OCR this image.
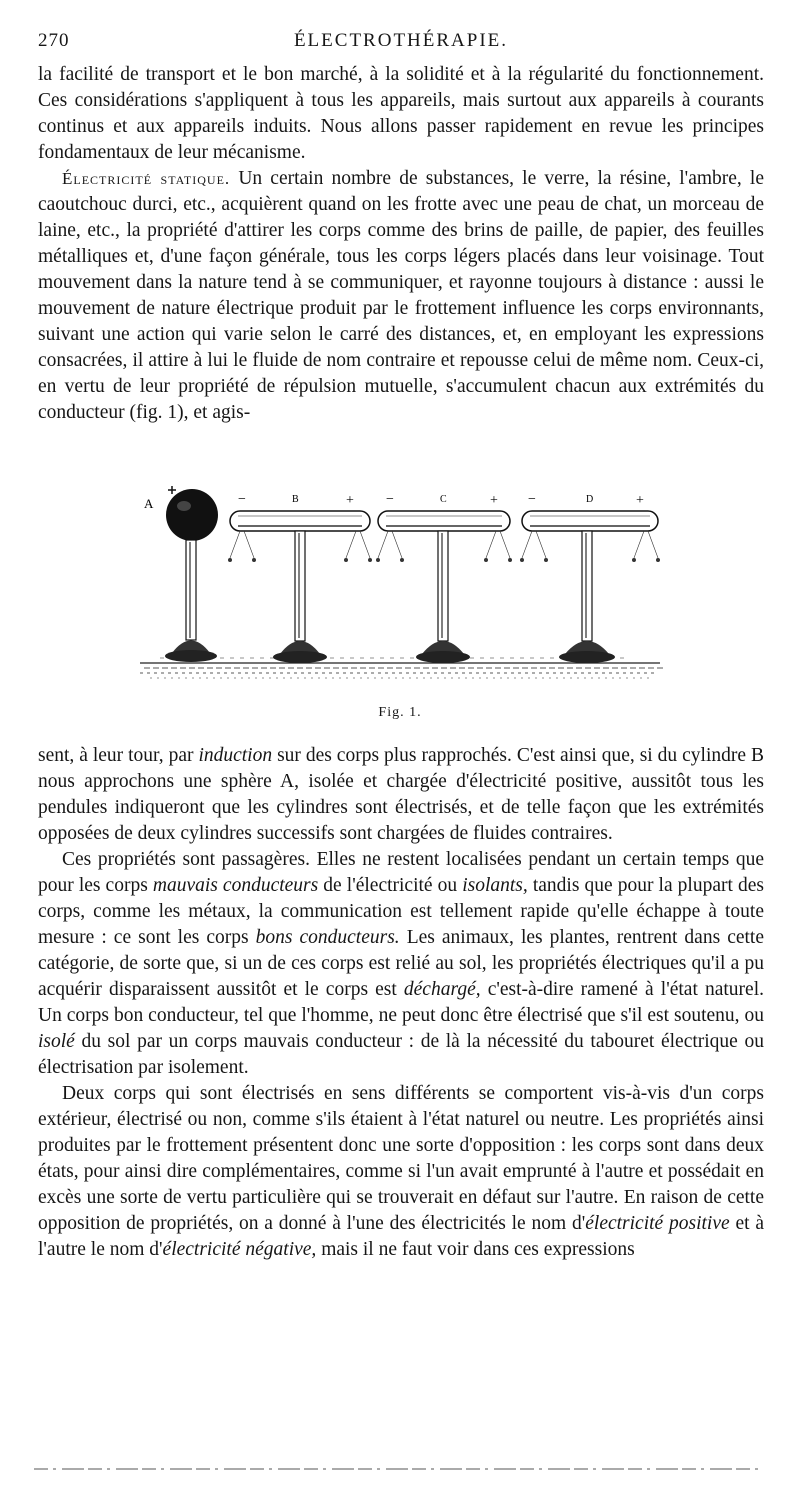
270	ÉLECTROTHÉRAPIE.

la facilité de transport et le bon marché, à la solidité et à la régularité du fonctionnement. Ces considérations s'appliquent à tous les appareils, mais surtout aux appareils à courants continus et aux appareils induits. Nous allons passer rapidement en revue les principes fondamentaux de leur mécanisme.

Électricité statique. Un certain nombre de substances, le verre, la résine, l'ambre, le caoutchouc durci, etc., acquièrent quand on les frotte avec une peau de chat, un morceau de laine, etc., la propriété d'attirer les corps comme des brins de paille, de papier, des feuilles métalliques et, d'une façon générale, tous les corps légers placés dans leur voisinage. Tout mouvement dans la nature tend à se communiquer, et rayonne toujours à distance : aussi le mouvement de nature électrique produit par le frottement influence les corps environnants, suivant une action qui varie selon le carré des distances, et, en employant les expressions consacrées, il attire à lui le fluide de nom contraire et repousse celui de même nom. Ceux-ci, en vertu de leur propriété de répulsion mutuelle, s'accumulent chacun aux extrémités du conducteur (fig. 1), et agis-

A	−	B	+ −	C	+ −	D	+
Fig. 1.

sent, à leur tour, par induction sur des corps plus rapprochés. C'est ainsi que, si du cylindre B nous approchons une sphère A, isolée et chargée d'électricité positive, aussitôt tous les pendules indiqueront que les cylindres sont électrisés, et de telle façon que les extrémités opposées de deux cylindres successifs sont chargées de fluides contraires.

Ces propriétés sont passagères. Elles ne restent localisées pendant un certain temps que pour les corps mauvais conducteurs de l'électricité ou isolants, tandis que pour la plupart des corps, comme les métaux, la communication est tellement rapide qu'elle échappe à toute mesure : ce sont les corps bons conducteurs. Les animaux, les plantes, rentrent dans cette catégorie, de sorte que, si un de ces corps est relié au sol, les propriétés électriques qu'il a pu acquérir disparaissent aussitôt et le corps est déchargé, c'est-à-dire ramené à l'état naturel. Un corps bon conducteur, tel que l'homme, ne peut donc être électrisé que s'il est soutenu, ou isolé du sol par un corps mauvais conducteur : de là la nécessité du tabouret électrique ou électrisation par isolement.

Deux corps qui sont électrisés en sens différents se comportent vis-à-vis d'un corps extérieur, électrisé ou non, comme s'ils étaient à l'état naturel ou neutre. Les propriétés ainsi produites par le frottement présentent donc une sorte d'opposition : les corps sont dans deux états, pour ainsi dire complémentaires, comme si l'un avait emprunté à l'autre et possédait en excès une sorte de vertu particulière qui se trouverait en défaut sur l'autre. En raison de cette opposition de propriétés, on a donné à l'une des électricités le nom d'électricité positive et à l'autre le nom d'électricité négative, mais il ne faut voir dans ces expressions
